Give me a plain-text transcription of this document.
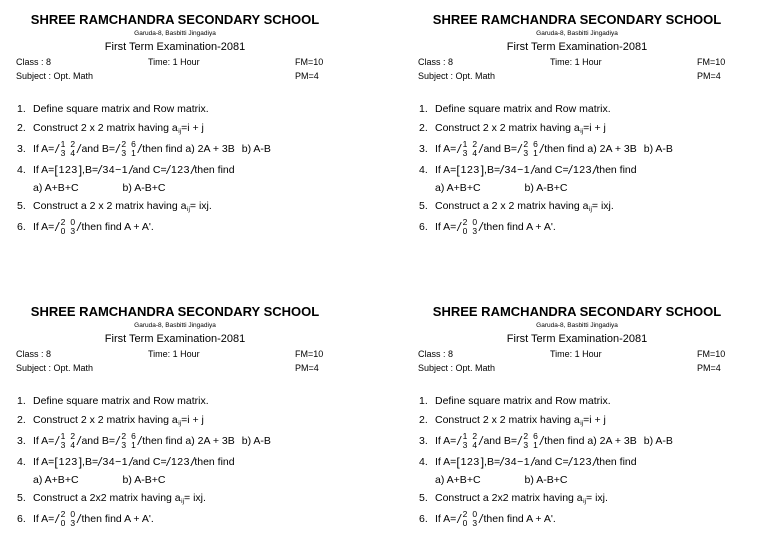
SHREE RAMCHANDRA SECONDARY SCHOOL
Garuda-8, Basbitti Jingadiya
First Term Examination-2081
Class : 8	Time: 1 Hour	FM=10
Subject : Opt. Math	PM=4
1. Define square matrix and Row matrix.
2. Construct 2 x 2 matrix having a ij =i + j
3. If A= / 1
3
2
4 / and B= / 2
3
6
1 / then find a) 2A + 3B b) A-B
4. If A= [ 123 ] ,B= / 34−1 / and C= / 123 / then find
a) A+B+C	b) A-B+C
5. Construct a 2 x 2 matrix having a ij = ixj.
6. If A= / 2
0
0
3 / then find A + A'.
SHREE RAMCHANDRA SECONDARY SCHOOL
Garuda-8, Basbitti Jingadiya
First Term Examination-2081
Class : 8	Time: 1 Hour	FM=10
Subject : Opt. Math	PM=4
1. Define square matrix and Row matrix.
2. Construct 2 x 2 matrix having a ij =i + j
3. If A= / 1
3
2
4 / and B= / 2
3
6
1 / then find a) 2A + 3B b) A-B
4. If A= [ 123 ] ,B= / 34−1 / and C= / 123 / then find
a) A+B+C	b) A-B+C
5. Construct a 2 x 2 matrix having a ij = ixj.
6. If A= / 2
0
0
3 / then find A + A'.
SHREE RAMCHANDRA SECONDARY SCHOOL
Garuda-8, Basbitti Jingadiya
First Term Examination-2081
Class : 8	Time: 1 Hour	FM=10
Subject : Opt. Math	PM=4
1. Define square matrix and Row matrix.
2. Construct 2 x 2 matrix having a ij =i + j
3. If A= / 1
3
2
4 / and B= / 2
3
6
1 / then find a) 2A + 3B b) A-B
4. If A= [ 123 ] ,B= / 34−1 / and C= / 123 / then find
a) A+B+C	b) A-B+C
5. Construct a 2x2 matrix having a ij = ixj.
6. If A= / 2
0
0
3 / then find A + A'.
SHREE RAMCHANDRA SECONDARY SCHOOL
Garuda-8, Basbitti Jingadiya
First Term Examination-2081
Class : 8	Time: 1 Hour	FM=10
Subject : Opt. Math	PM=4
1. Define square matrix and Row matrix.
2. Construct 2 x 2 matrix having a ij =i + j
3. If A= / 1
3
2
4 / and B= / 2
3
6
1 / then find a) 2A + 3B b) A-B
4. If A= [ 123 ] ,B= / 34−1 / and C= / 123 / then find
a) A+B+C	b) A-B+C
5. Construct a 2x2 matrix having a ij = ixj.
6. If A= / 2
0
0
3 / then find A + A'.
